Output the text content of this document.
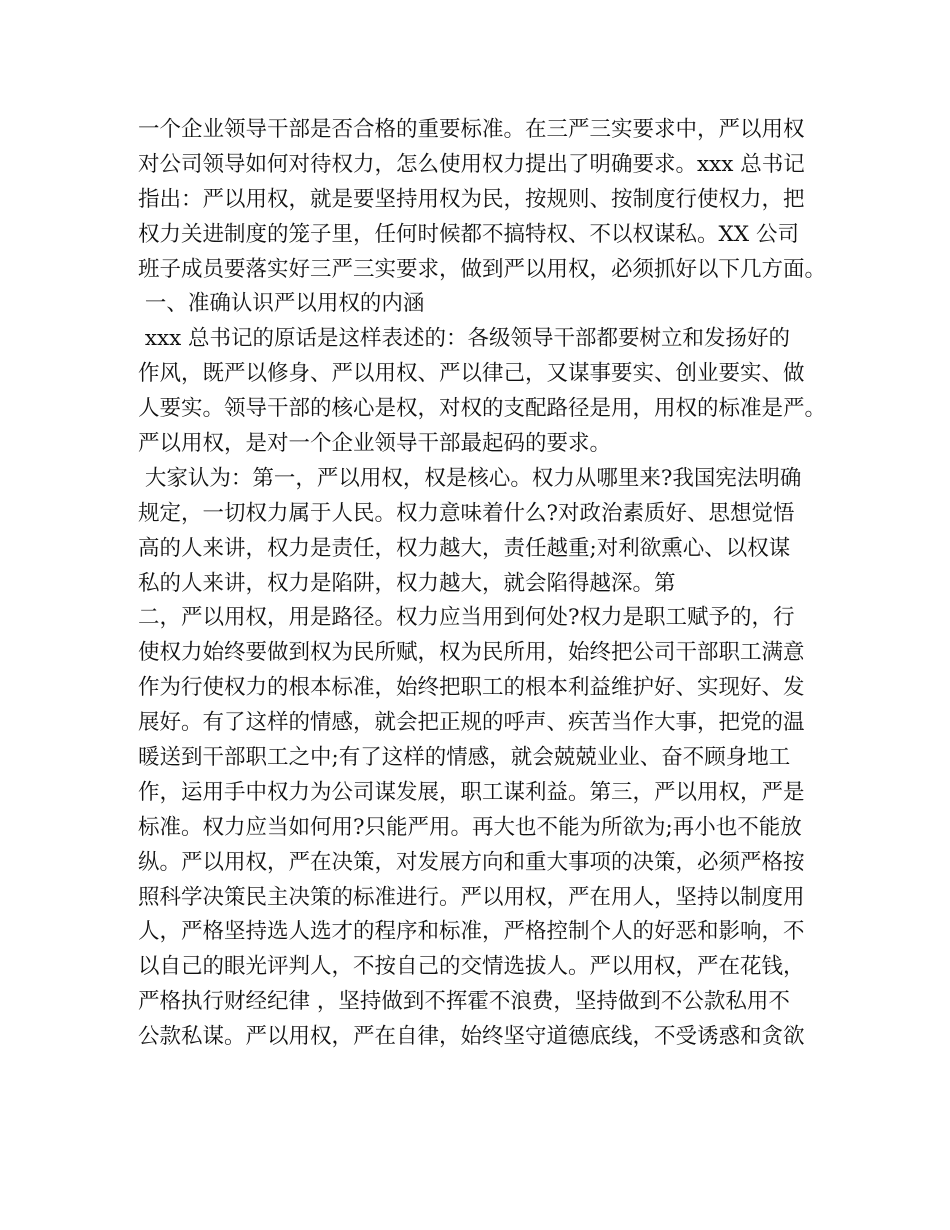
一个企业领导干部是否合格的重要标准。在三严三实要求中，严以用权
对公司领导如何对待权力，怎么使用权力提出了明确要求。xxx 总书记
指出：严以用权，就是要坚持用权为民，按规则、按制度行使权力，把
权力关进制度的笼子里，任何时候都不搞特权、不以权谋私。XX 公司
班子成员要落实好三严三实要求，做到严以用权，必须抓好以下几方面。
一、准确认识严以用权的内涵
xxx 总书记的原话是这样表述的：各级领导干部都要树立和发扬好的
作风，既严以修身、严以用权、严以律己，又谋事要实、创业要实、做
人要实。领导干部的核心是权，对权的支配路径是用，用权的标准是严。
严以用权，是对一个企业领导干部最起码的要求。
大家认为：第一，严以用权，权是核心。权力从哪里来?我国宪法明确
规定，一切权力属于人民。权力意味着什么?对政治素质好、思想觉悟
高的人来讲，权力是责任，权力越大，责任越重;对利欲熏心、以权谋
私的人来讲，权力是陷阱，权力越大，就会陷得越深。第
二，严以用权，用是路径。权力应当用到何处?权力是职工赋予的，行
使权力始终要做到权为民所赋，权为民所用，始终把公司干部职工满意
作为行使权力的根本标准，始终把职工的根本利益维护好、实现好、发
展好。有了这样的情感，就会把正规的呼声、疾苦当作大事，把党的温
暖送到干部职工之中;有了这样的情感，就会兢兢业业、奋不顾身地工
作，运用手中权力为公司谋发展，职工谋利益。第三，严以用权，严是
标准。权力应当如何用?只能严用。再大也不能为所欲为;再小也不能放
纵。严以用权，严在决策，对发展方向和重大事项的决策，必须严格按
照科学决策民主决策的标准进行。严以用权，严在用人，坚持以制度用
人，严格坚持选人选才的程序和标准，严格控制个人的好恶和影响，不
以自己的眼光评判人，不按自己的交情选拔人。严以用权，严在花钱，
严格执行财经纪律 ，坚持做到不挥霍不浪费，坚持做到不公款私用不
公款私谋。严以用权，严在自律，始终坚守道德底线，不受诱惑和贪欲
